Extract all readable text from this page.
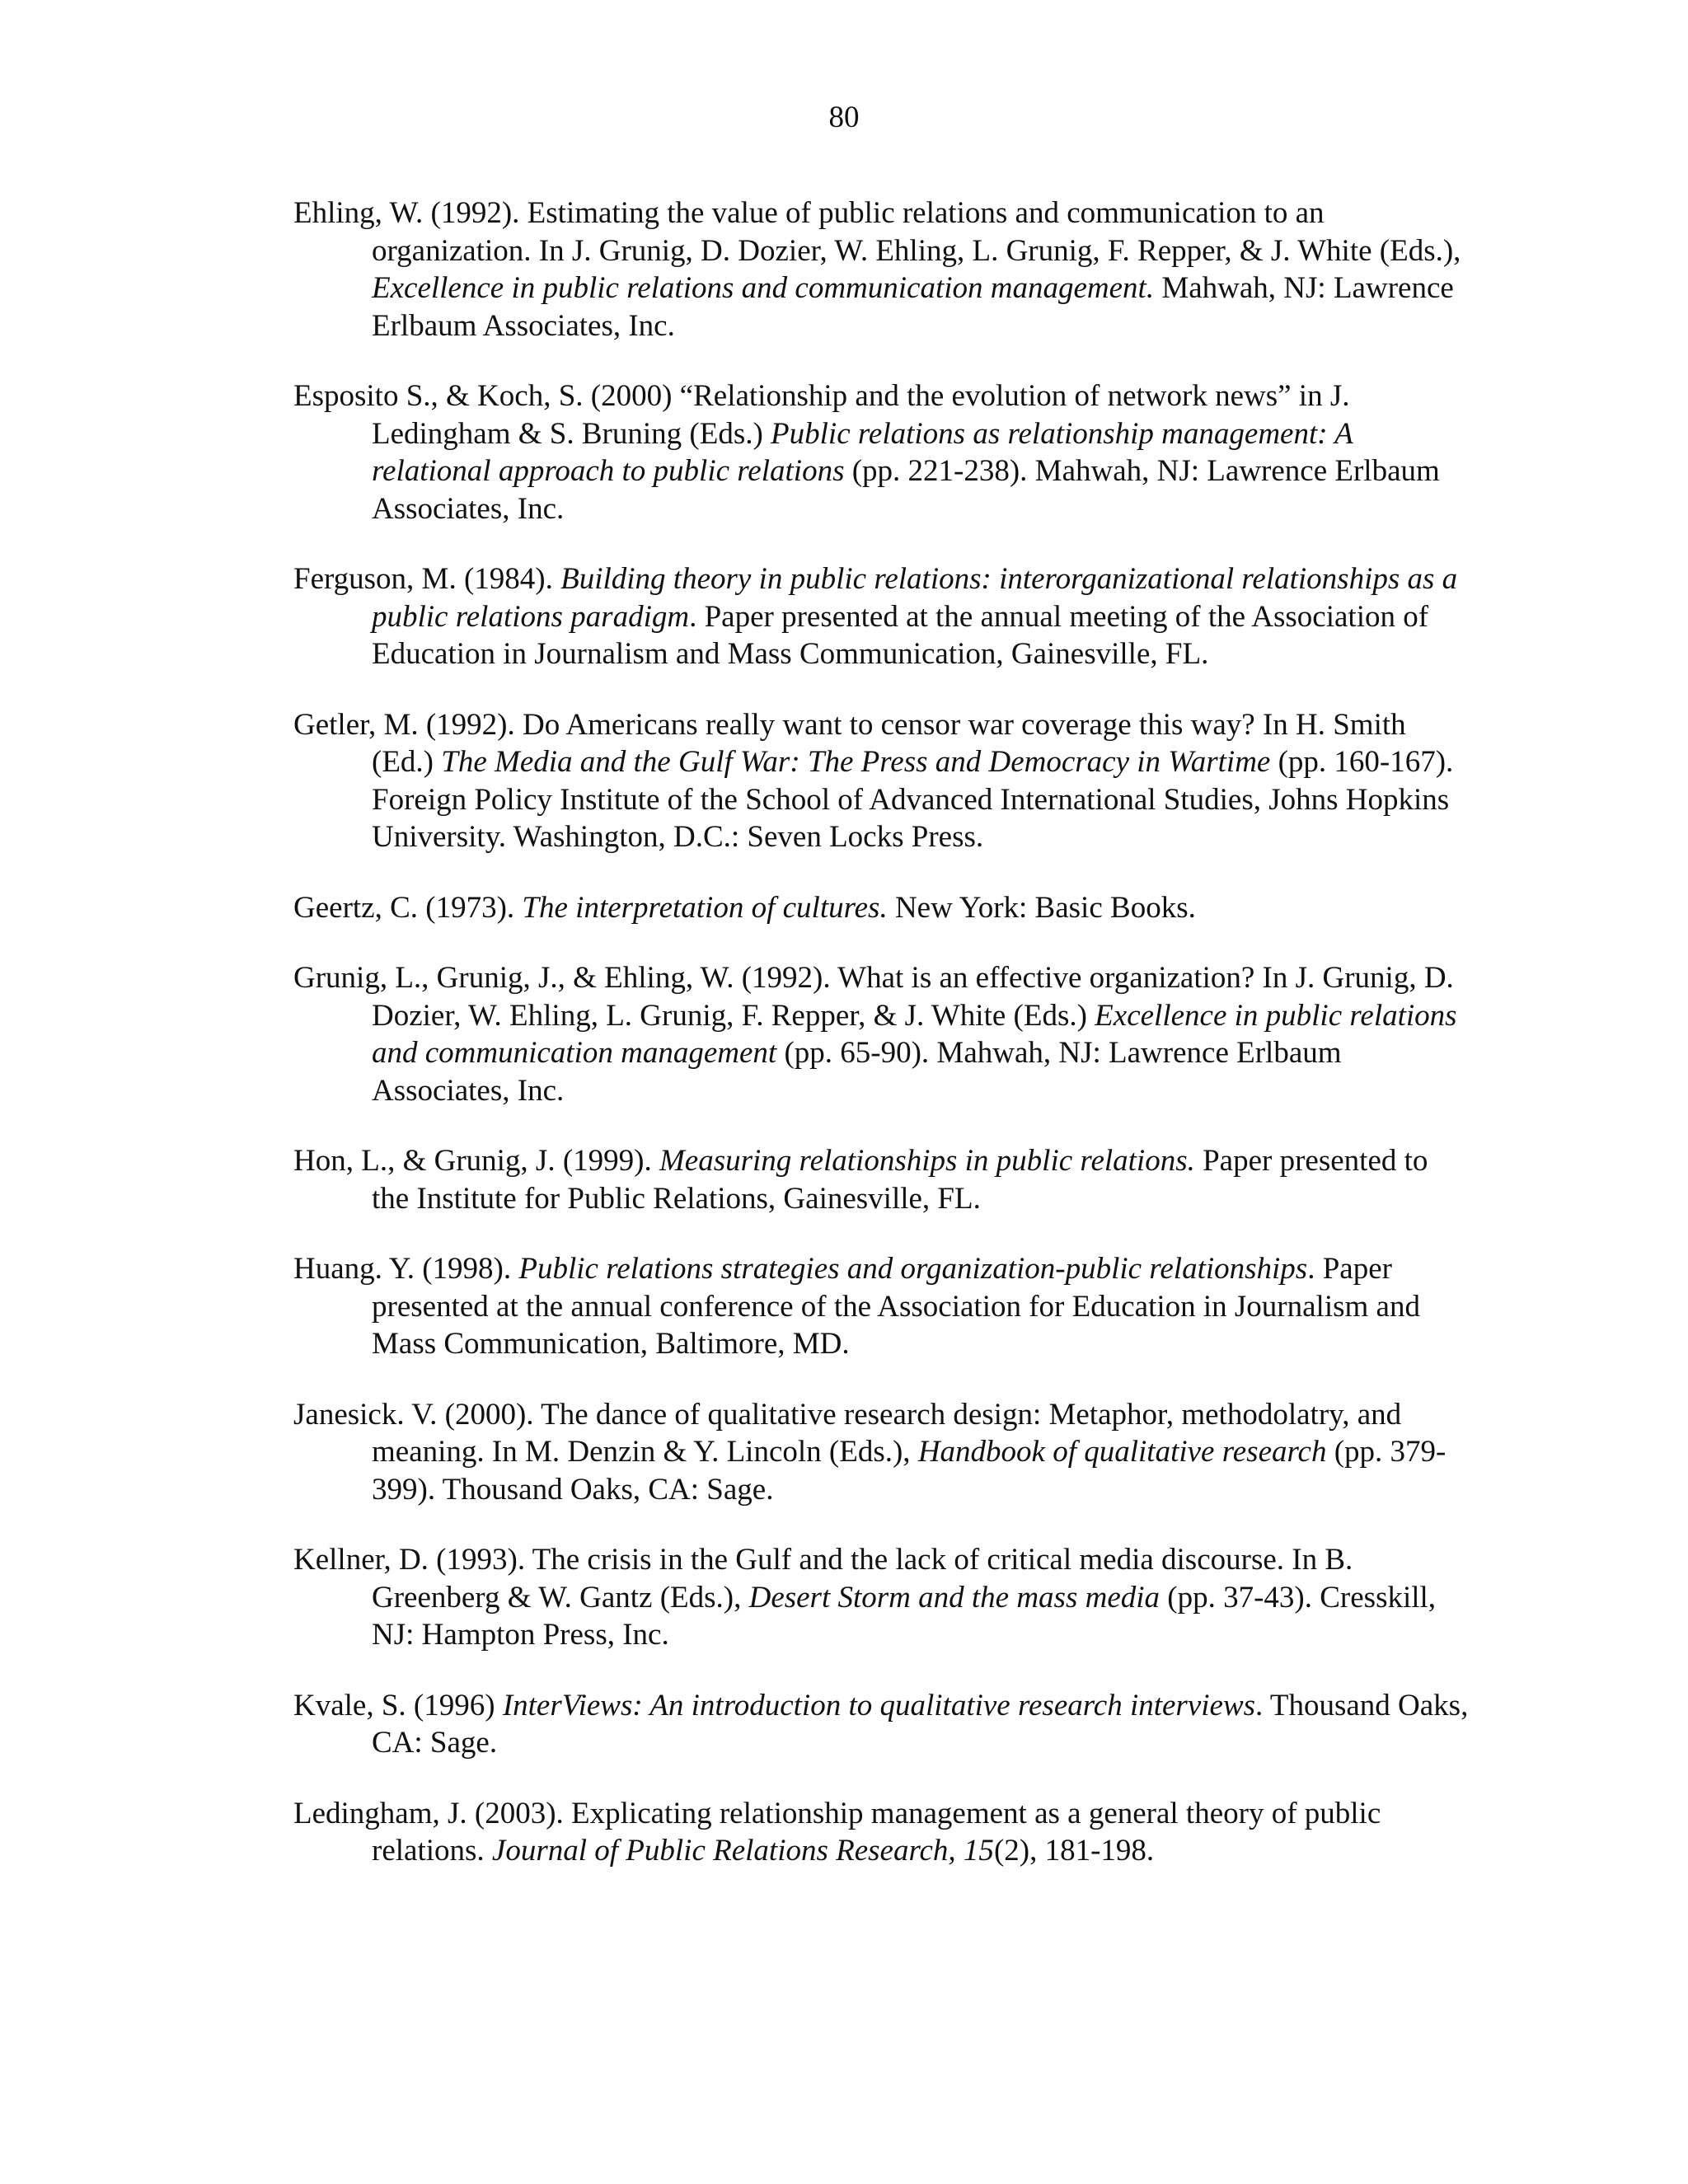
80

Ehling, W. (1992). Estimating the value of public relations and communication to an organization. In J. Grunig, D. Dozier, W. Ehling, L. Grunig, F. Repper, & J. White (Eds.), Excellence in public relations and communication management. Mahwah, NJ: Lawrence Erlbaum Associates, Inc.

Esposito S., & Koch, S. (2000) “Relationship and the evolution of network news” in J. Ledingham & S. Bruning (Eds.) Public relations as relationship management: A relational approach to public relations (pp. 221-238). Mahwah, NJ: Lawrence Erlbaum Associates, Inc.

Ferguson, M. (1984). Building theory in public relations: interorganizational relationships as a public relations paradigm. Paper presented at the annual meeting of the Association of Education in Journalism and Mass Communication, Gainesville, FL.

Getler, M. (1992). Do Americans really want to censor war coverage this way? In H. Smith (Ed.) The Media and the Gulf War: The Press and Democracy in Wartime (pp. 160-167). Foreign Policy Institute of the School of Advanced International Studies, Johns Hopkins University. Washington, D.C.: Seven Locks Press.

Geertz, C. (1973). The interpretation of cultures. New York: Basic Books.

Grunig, L., Grunig, J., & Ehling, W. (1992). What is an effective organization? In J. Grunig, D. Dozier, W. Ehling, L. Grunig, F. Repper, & J. White (Eds.) Excellence in public relations and communication management (pp. 65-90). Mahwah, NJ: Lawrence Erlbaum Associates, Inc.

Hon, L., & Grunig, J. (1999). Measuring relationships in public relations. Paper presented to the Institute for Public Relations, Gainesville, FL.

Huang. Y. (1998). Public relations strategies and organization-public relationships. Paper presented at the annual conference of the Association for Education in Journalism and Mass Communication, Baltimore, MD.

Janesick. V. (2000). The dance of qualitative research design: Metaphor, methodolatry, and meaning. In M. Denzin & Y. Lincoln (Eds.), Handbook of qualitative research (pp. 379-399). Thousand Oaks, CA: Sage.

Kellner, D. (1993). The crisis in the Gulf and the lack of critical media discourse. In B. Greenberg & W. Gantz (Eds.), Desert Storm and the mass media (pp. 37-43). Cresskill, NJ: Hampton Press, Inc.

Kvale, S. (1996) InterViews: An introduction to qualitative research interviews. Thousand Oaks, CA: Sage.

Ledingham, J. (2003). Explicating relationship management as a general theory of public relations. Journal of Public Relations Research, 15(2), 181-198.
